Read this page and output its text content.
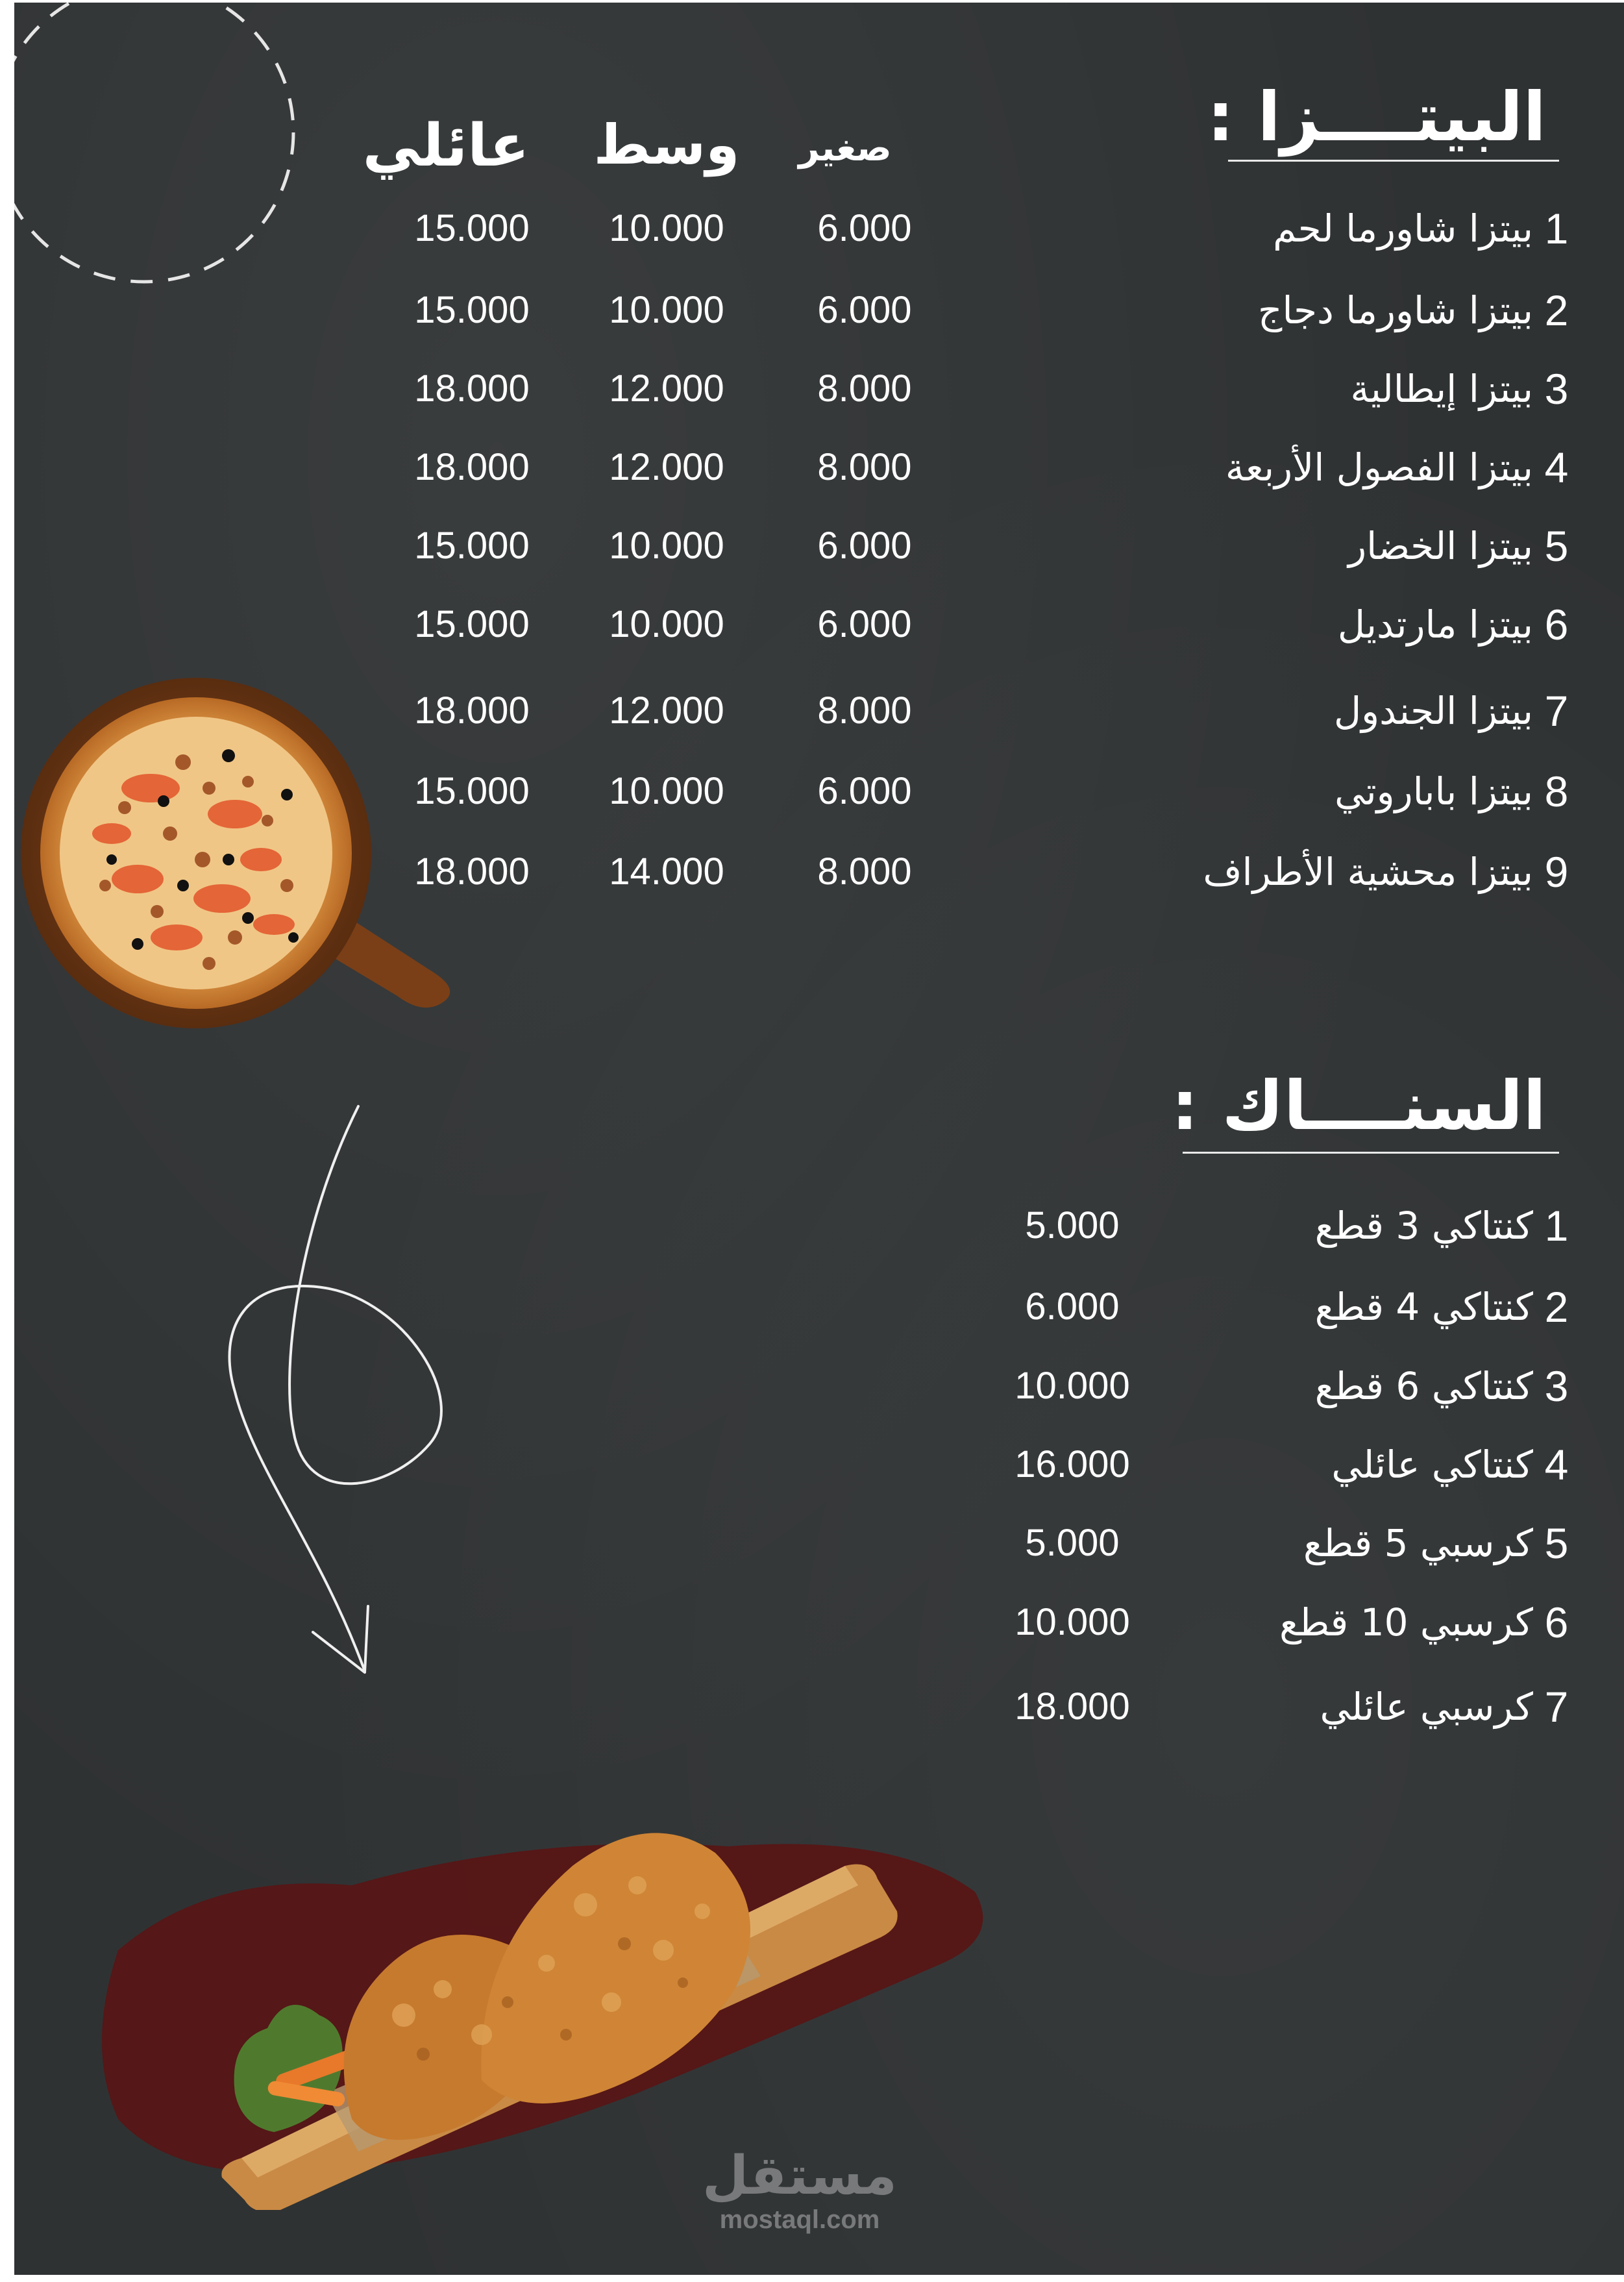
البيتــــزا :
صغير
وسط
عائلي
1
بيتزا شاورما لحم
6.000
10.000
15.000
2
بيتزا شاورما دجاج
6.000
10.000
15.000
3
بيتزا إيطالية
8.000
12.000
18.000
4
بيتزا الفصول الأربعة
8.000
12.000
18.000
5
بيتزا الخضار
6.000
10.000
15.000
6
بيتزا مارتديل
6.000
10.000
15.000
7
بيتزا الجندول
8.000
12.000
18.000
8
بيتزا باباروتي
6.000
10.000
15.000
9
بيتزا محشية الأطراف
8.000
14.000
18.000
السنــــاك :
1
كنتاكي 3 قطع
5.000
2
كنتاكي 4 قطع
6.000
3
كنتاكي 6 قطع
10.000
4
كنتاكي عائلي
16.000
5
كرسبي 5 قطع
5.000
6
كرسبي 10 قطع
10.000
7
كرسبي عائلي
18.000
مستقل
mostaql.com
